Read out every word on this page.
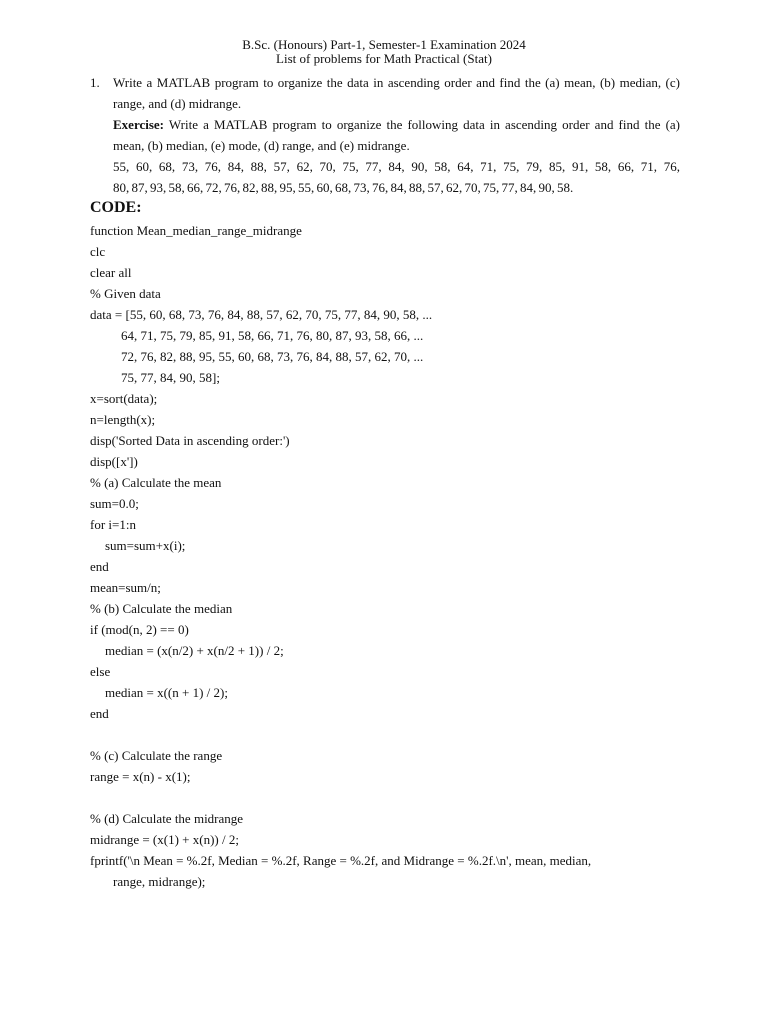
B.Sc. (Honours) Part-1, Semester-1 Examination 2024
List of problems for Math Practical (Stat)
1. Write a MATLAB program to organize the data in ascending order and find the (a) mean, (b) median, (c) range, and (d) midrange.
Exercise: Write a MATLAB program to organize the following data in ascending order and find the (a) mean, (b) median, (e) mode, (d) range, and (e) midrange.
55, 60, 68, 73, 76, 84, 88, 57, 62, 70, 75, 77, 84, 90, 58, 64, 71, 75, 79, 85, 91, 58, 66, 71, 76,
80, 87, 93, 58, 66, 72, 76, 82, 88, 95, 55, 60, 68, 73, 76, 84, 88, 57, 62, 70, 75, 77, 84, 90, 58.
CODE:
function Mean_median_range_midrange
clc
clear all
% Given data
data = [55, 60, 68, 73, 76, 84, 88, 57, 62, 70, 75, 77, 84, 90, 58, ...
64, 71, 75, 79, 85, 91, 58, 66, 71, 76, 80, 87, 93, 58, 66, ...
72, 76, 82, 88, 95, 55, 60, 68, 73, 76, 84, 88, 57, 62, 70, ...
75, 77, 84, 90, 58];
x=sort(data);
n=length(x);
disp('Sorted Data in ascending order:')
disp([x'])
% (a) Calculate the mean
sum=0.0;
for i=1:n
sum=sum+x(i);
end
mean=sum/n;
% (b) Calculate the median
if (mod(n, 2) == 0)
median = (x(n/2) + x(n/2 + 1)) / 2;
else
median = x((n + 1) / 2);
end
% (c) Calculate the range
range = x(n) - x(1);
% (d) Calculate the midrange
midrange = (x(1) + x(n)) / 2;
fprintf('\n Mean = %.2f, Median = %.2f, Range = %.2f, and Midrange = %.2f.\n', mean, median,
range, midrange);
